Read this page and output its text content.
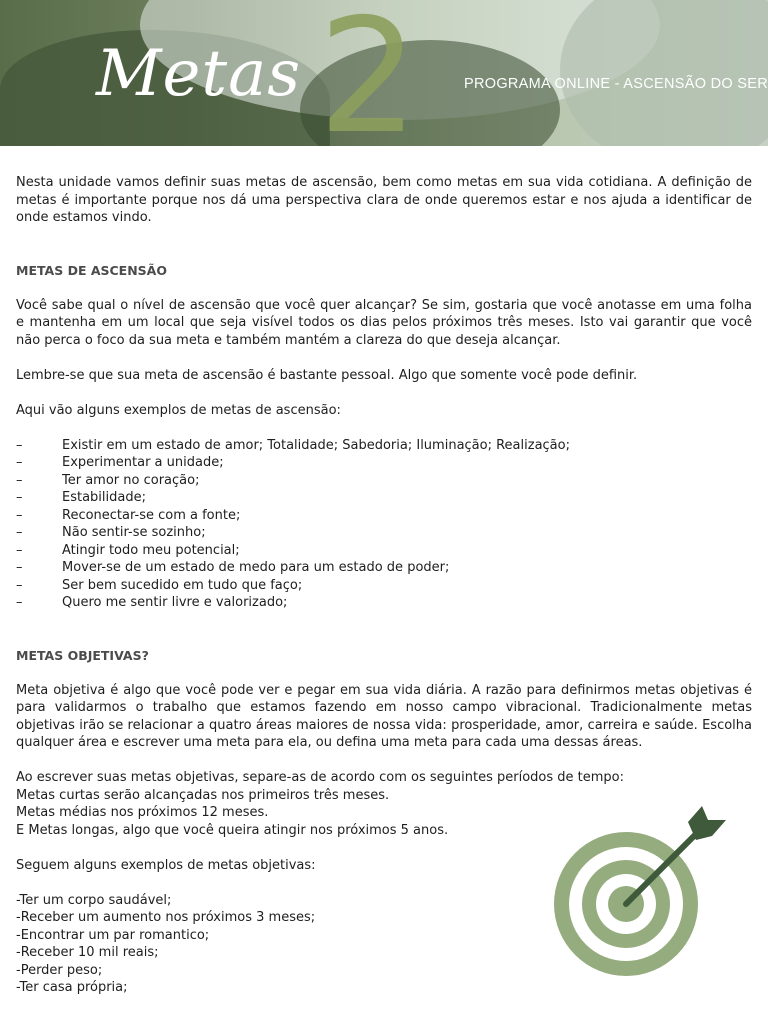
2
Metas	PROGRAMA ONLINE - ASCENSÃO DO SER

Nesta unidade vamos definir suas metas de ascensão, bem como metas em sua vida cotidiana. A definição de metas é importante porque nos dá uma perspectiva clara de onde queremos estar e nos ajuda a identificar de onde estamos vindo.

METAS DE ASCENSÃO

Você sabe qual o nível de ascensão que você quer alcançar? Se sim, gostaria que você anotasse em uma folha e mantenha em um local que seja visível todos os dias pelos próximos três meses. Isto vai garantir que você não perca o foco da sua meta e também mantém a clareza do que deseja alcançar.

Lembre-se que sua meta de ascensão é bastante pessoal. Algo que somente você pode definir.

Aqui vão alguns exemplos de metas de ascensão:

–	Existir em um estado de amor; Totalidade; Sabedoria; Iluminação; Realização;
–	Experimentar a unidade;
–	Ter amor no coração;
–	Estabilidade;
–	Reconectar-se com a fonte;
–	Não sentir-se sozinho;
–	Atingir todo meu potencial;
–	Mover-se de um estado de medo para um estado de poder;
–	Ser bem sucedido em tudo que faço;
–	Quero me sentir livre e valorizado;

METAS OBJETIVAS?

Meta objetiva é algo que você pode ver e pegar em sua vida diária. A razão para definirmos metas objetivas é para validarmos o trabalho que estamos fazendo em nosso campo vibracional. Tradicionalmente metas objetivas irão se relacionar a quatro áreas maiores de nossa vida: prosperidade, amor, carreira e saúde. Escolha qualquer área e escrever uma meta para ela, ou defina uma meta para cada uma dessas áreas.

Ao escrever suas metas objetivas, separe-as de acordo com os seguintes períodos de tempo:

Metas curtas serão alcançadas nos primeiros três meses.

Metas médias nos próximos 12 meses.

E Metas longas, algo que você queira atingir nos próximos 5 anos.

Seguem alguns exemplos de metas objetivas:

-Ter um corpo saudável;
-Receber um aumento nos próximos 3 meses;
-Encontrar um par romantico;
-Receber 10 mil reais;
-Perder peso;
-Ter casa própria;
